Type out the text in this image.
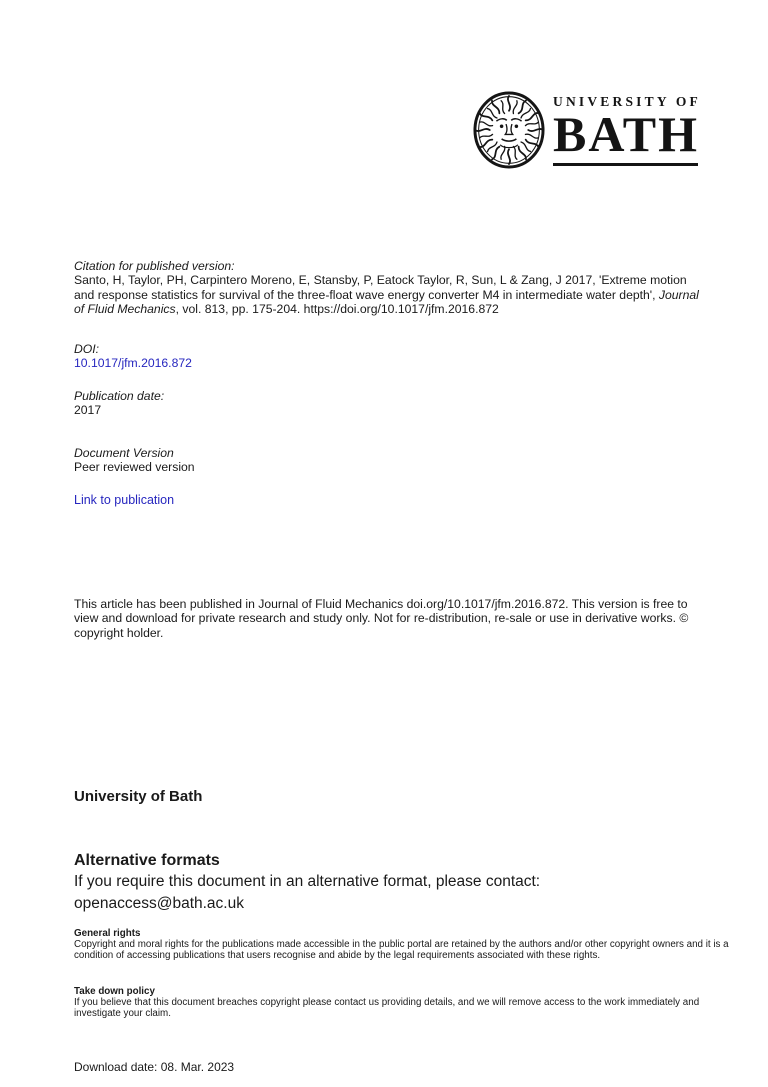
UNIVERSITY OF
BATH
Citation for published version:
Santo, H, Taylor, PH, Carpintero Moreno, E, Stansby, P, Eatock Taylor, R, Sun, L & Zang, J 2017, 'Extreme motion and response statistics for survival of the three-float wave energy converter M4 in intermediate water depth', Journal of Fluid Mechanics, vol. 813, pp. 175-204. https://doi.org/10.1017/jfm.2016.872
DOI:
10.1017/jfm.2016.872
Publication date:
2017
Document Version
Peer reviewed version
Link to publication
This article has been published in Journal of Fluid Mechanics doi.org/10.1017/jfm.2016.872. This version is free to view and download for private research and study only. Not for re-distribution, re-sale or use in derivative works. © copyright holder.
University of Bath
Alternative formats
If you require this document in an alternative format, please contact:
openaccess@bath.ac.uk
General rights
Copyright and moral rights for the publications made accessible in the public portal are retained by the authors and/or other copyright owners and it is a condition of accessing publications that users recognise and abide by the legal requirements associated with these rights.
Take down policy
If you believe that this document breaches copyright please contact us providing details, and we will remove access to the work immediately and investigate your claim.
Download date: 08. Mar. 2023
